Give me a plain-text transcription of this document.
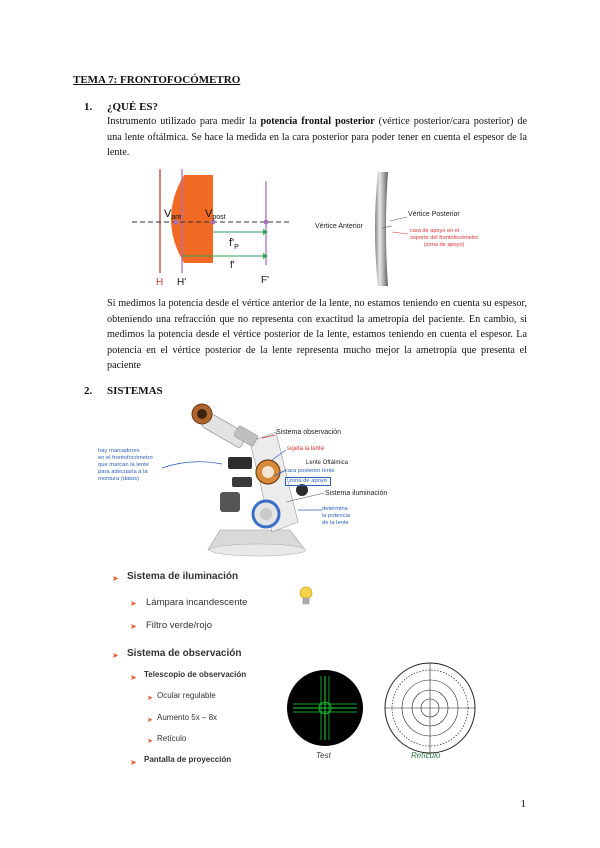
TEMA 7: FRONTOFOCÓMETRO
1. ¿QUÉ ES?
Instrumento utilizado para medir la potencia frontal posterior (vértice posterior/cara posterior) de una lente oftálmica. Se hace la medida en la cara posterior para poder tener en cuenta el espesor de la lente.
Vant Vpost
$f'_P$
f'
H H'	F'
Vértice Posterior
Vértice Anterior
cara de apoyo en el
soporte del frontofocómetro
(zona de apoyo)
Si medimos la potencia desde el vértice anterior de la lente, no estamos teniendo en cuenta su espesor, obteniendo una refracción que no representa con exactitud la ametropía del paciente. En cambio, si medimos la potencia desde el vértice posterior de la lente, estamos teniendo en cuenta el espesor. La potencia en el vértice posterior de la lente representa mucho mejor la ametropía que presenta el paciente
2. SISTEMAS
Sistema observación
sujeta la lente
Lente Oftálmica
cara posterior lente
zona de apoyo
Sistema iluminación
determina
la potencia
de la lente
hay marcadores
en el frontofocómetro
que marcan la lente
para adecuarla a la
montura (datos)
➤ Sistema de iluminación
➤ Lámpara incandescente
➤ Filtro verde/rojo
➤ Sistema de observación
➤ Telescopio de observación
➤ Ocular regulable
➤ Aumento 5x – 8x
➤ Retículo
➤ Pantalla de proyección	Test	Retículo
1
